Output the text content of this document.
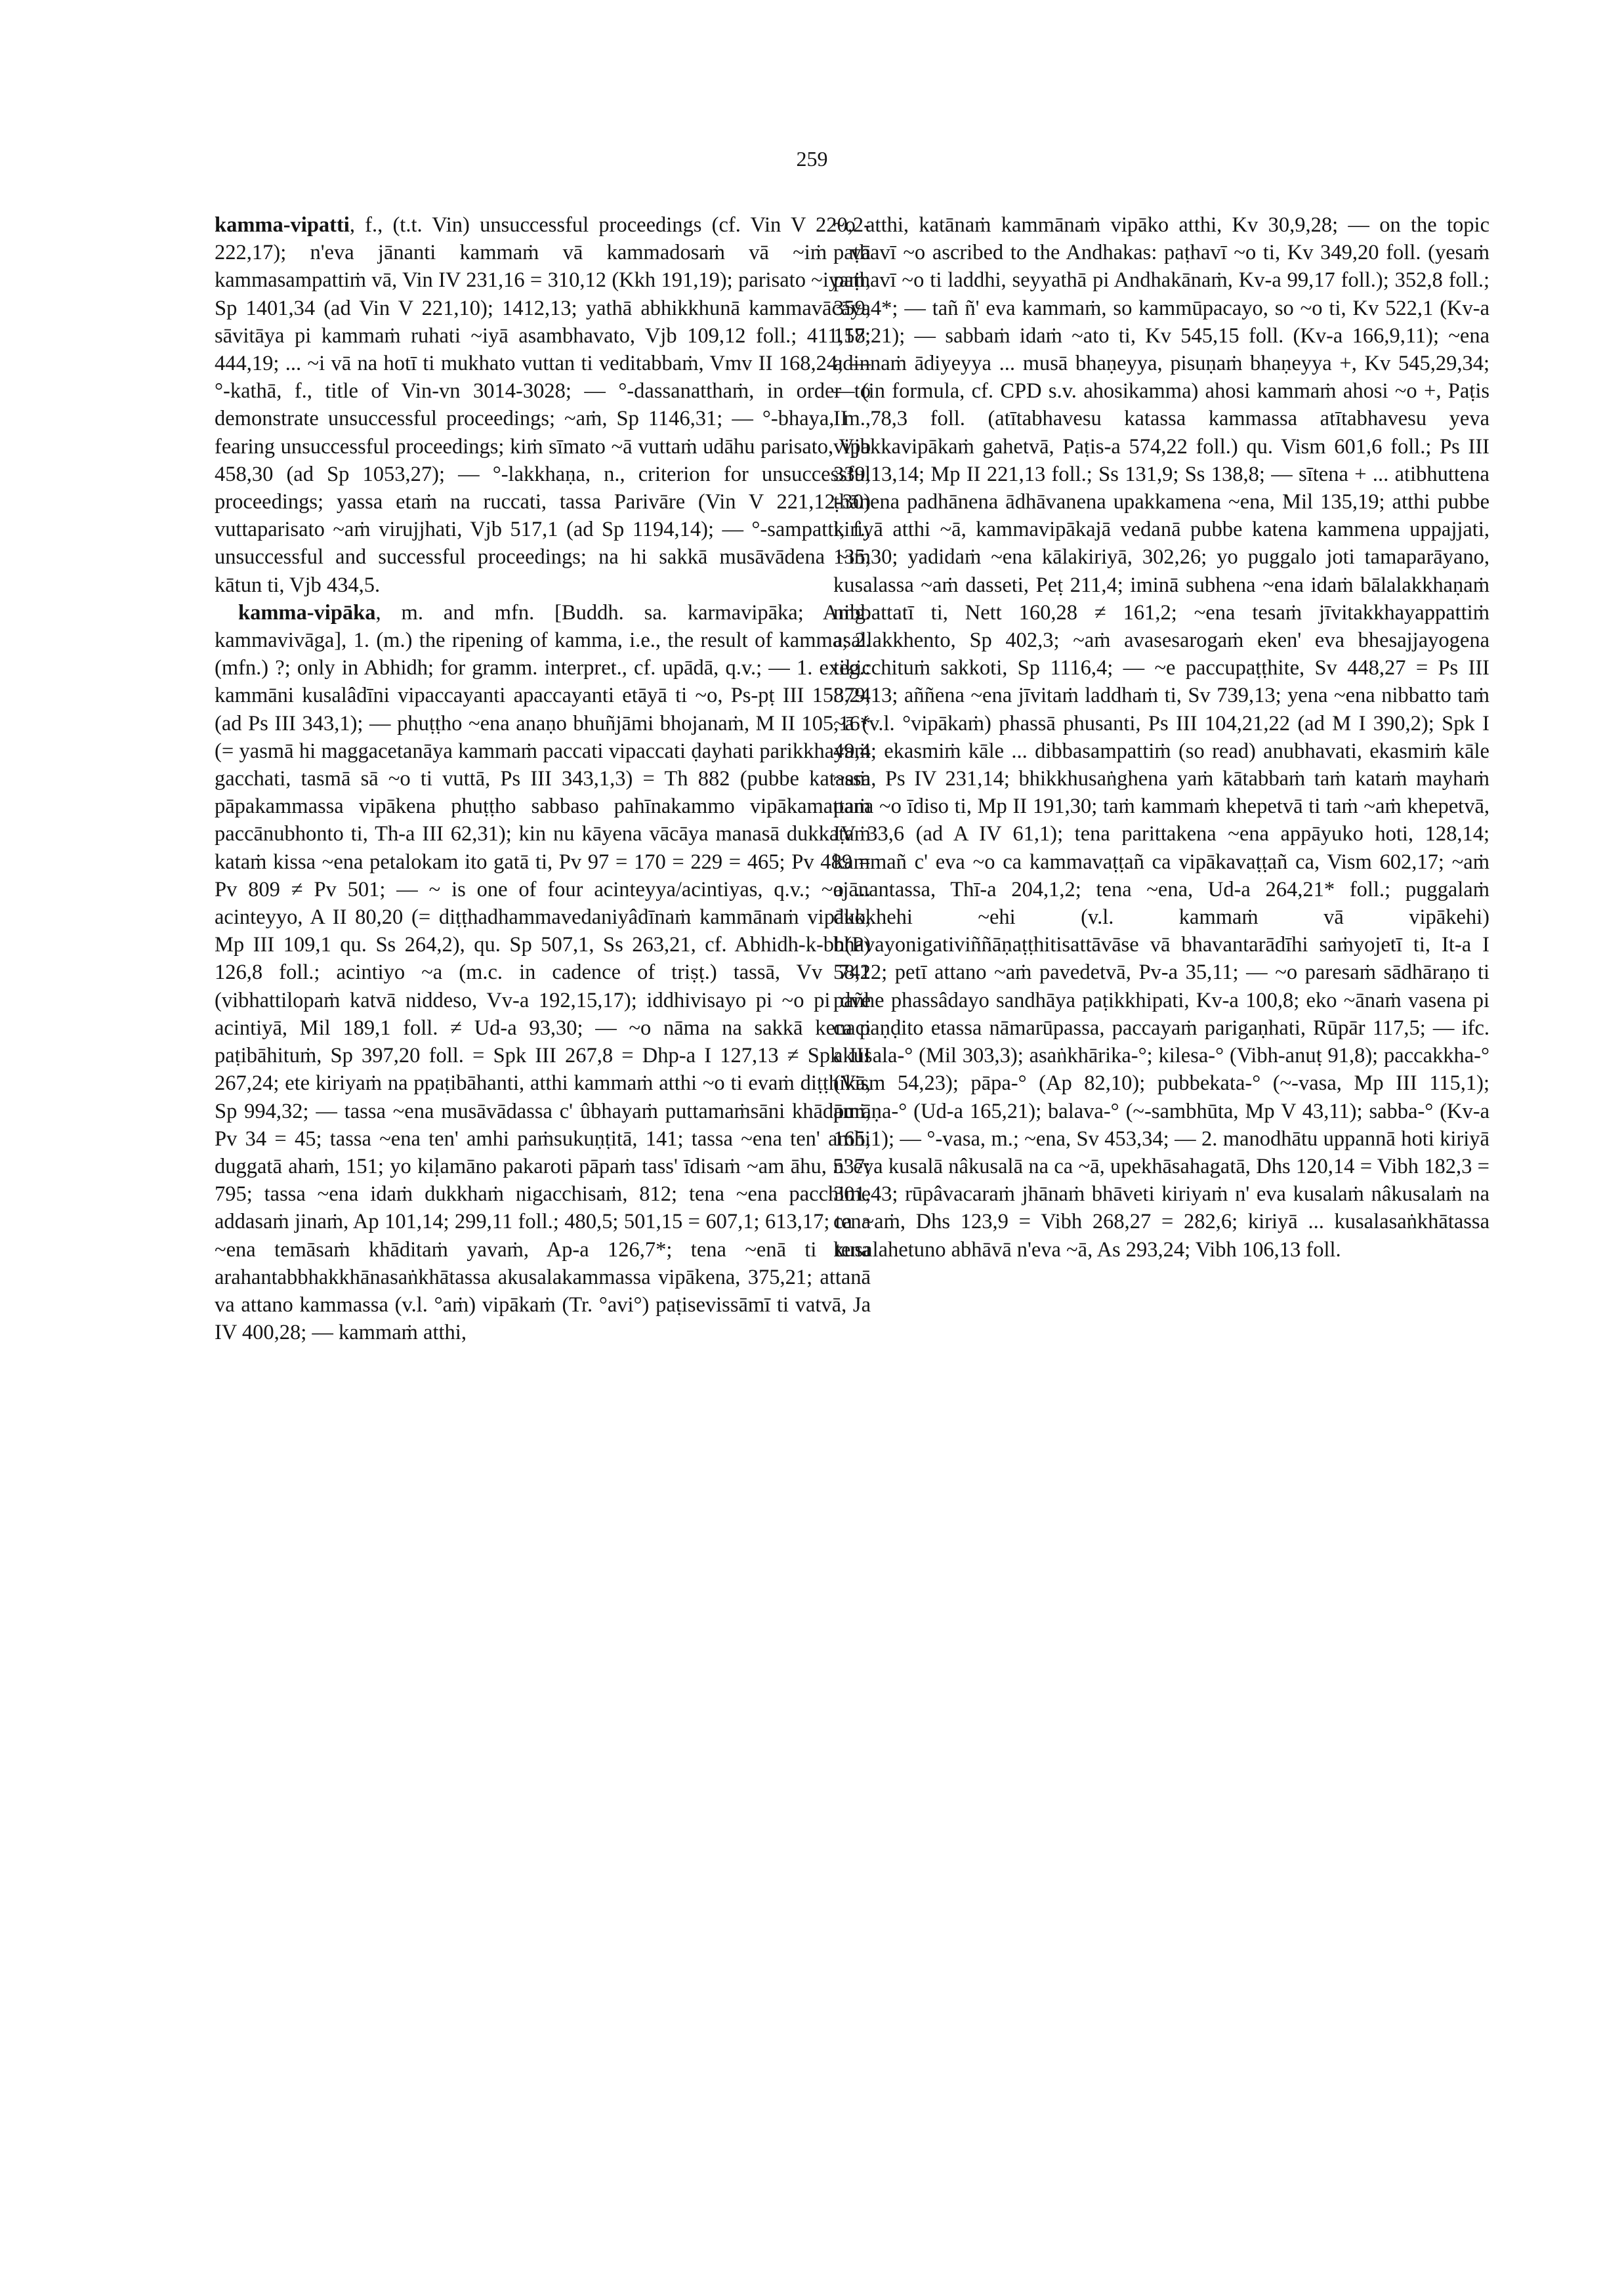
259

kamma-vipatti, f., (t.t. Vin) unsuccessful proceedings (cf. Vin V 220,2-222,17); n'eva jānanti kammaṁ vā kammadosaṁ vā ~iṁ vā kammasampattiṁ vā, Vin IV 231,16 = 310,12 (Kkh 191,19); parisato ~iyaṁ, Sp 1401,34 (ad Vin V 221,10); 1412,13; yathā abhikkhunā kammavācāya sāvitāya pi kammaṁ ruhati ~iyā asambhavato, Vjb 109,12 foll.; 411,17; 444,19; ... ~i vā na hotī ti mukhato vuttan ti veditabbaṁ, Vmv II 168,24; — °-kathā, f., title of Vin-vn 3014-3028; — °-dassanatthaṁ, in order to demonstrate unsuccessful proceedings; ~aṁ, Sp 1146,31; — °-bhaya, m., fearing unsuccessful proceedings; kiṁ sīmato ~ā vuttaṁ udāhu parisato, Vjb 458,30 (ad Sp 1053,27); — °-lakkhaṇa, n., criterion for unsuccessful proceedings; yassa etaṁ na ruccati, tassa Parivāre (Vin V 221,12-30) vuttaparisato ~aṁ virujjhati, Vjb 517,1 (ad Sp 1194,14); — °-sampatti, f., unsuccessful and successful proceedings; na hi sakkā musāvādena ~iṁ kātun ti, Vjb 434,5.

kamma-vipāka, m. and mfn. [Buddh. sa. karmavipāka; Amg. kammavivāga], 1. (m.) the ripening of kamma, i.e., the result of kamma; 2. (mfn.) ?; only in Abhidh; for gramm. interpret., cf. upādā, q.v.; — 1. exeg.: kammāni kusalâdīni vipaccayanti apaccayanti etāyā ti ~o, Ps-pṭ III 158,24 (ad Ps III 343,1); — phuṭṭho ~ena anaṇo bhuñjāmi bhojanaṁ, M II 105,16* (= yasmā hi maggacetanāya kammaṁ paccati vipaccati ḍayhati parikkhayaṁ gacchati, tasmā sā ~o ti vuttā, Ps III 343,1,3) = Th 882 (pubbe katassa pāpakammassa vipākena phuṭṭho sabbaso pahīnakammo vipākamattaṁ paccānubhonto ti, Th-a III 62,31); kin nu kāyena vācāya manasā dukkaṭaṁ kataṁ kissa ~ena petalokam ito gatā ti, Pv 97 = 170 = 229 = 465; Pv 489 = Pv 809 ≠ Pv 501; — ~ is one of four acinteyya/acintiyas, q.v.; ~o ... acinteyyo, A II 80,20 (= diṭṭhadhammavedaniyâdīnaṁ kammānaṁ vipāko, Mp III 109,1 qu. Ss 264,2), qu. Sp 507,1, Ss 263,21, cf. Abhidh-k-bh(P) 126,8 foll.; acintiyo ~a (m.c. in cadence of triṣṭ.) tassā, Vv 741 (vibhattilopaṁ katvā niddeso, Vv-a 192,15,17); iddhivisayo pi ~o pi dve acintiyā, Mil 189,1 foll. ≠ Ud-a 93,30; — ~o nāma na sakkā kenaci paṭibāhituṁ, Sp 397,20 foll. = Spk III 267,8 = Dhp-a I 127,13 ≠ Spk III 267,24; ete kiriyaṁ na ppaṭibāhanti, atthi kammaṁ atthi ~o ti evaṁ diṭṭhikā, Sp 994,32; — tassa ~ena musāvādassa c' ûbhayaṁ puttamaṁsāni khādāmi, Pv 34 = 45; tassa ~ena ten' amhi paṁsukuṇṭitā, 141; tassa ~ena ten' amhi duggatā ahaṁ, 151; yo kiḷamāno pakaroti pāpaṁ tass' īdisaṁ ~am āhu, 537; 795; tassa ~ena idaṁ dukkhaṁ nigacchisaṁ, 812; tena ~ena pacchime addasaṁ jinaṁ, Ap 101,14; 299,11 foll.; 480,5; 501,15 = 607,1; 613,17; tena ~ena temāsaṁ khāditaṁ yavaṁ, Ap-a 126,7*; tena ~enā ti tena arahantabbhakkhānasaṅkhātassa akusalakammassa vipākena, 375,21; attanā va attano kammassa (v.l. °aṁ) vipākaṁ (Tr. °avi°) paṭisevissāmī ti vatvā, Ja IV 400,28; — kammaṁ atthi,

~o atthi, katānaṁ kammānaṁ vipāko atthi, Kv 30,9,28; — on the topic paṭhavī ~o ascribed to the Andhakas: paṭhavī ~o ti, Kv 349,20 foll. (yesaṁ paṭhavī ~o ti laddhi, seyyathā pi Andhakānaṁ, Kv-a 99,17 foll.); 352,8 foll.; 359,4*; — tañ ñ' eva kammaṁ, so kammūpacayo, so ~o ti, Kv 522,1 (Kv-a 158,21); — sabbaṁ idaṁ ~ato ti, Kv 545,15 foll. (Kv-a 166,9,11); ~ena adinnaṁ ādiyeyya ... musā bhaṇeyya, pisuṇaṁ bhaṇeyya +, Kv 545,29,34; — (in formula, cf. CPD s.v. ahosikamma) ahosi kammaṁ ahosi ~o +, Paṭis II 78,3 foll. (atītabhavesu katassa kammassa atītabhavesu yeva vipakkavipākaṁ gahetvā, Paṭis-a 574,22 foll.) qu. Vism 601,6 foll.; Ps III 339,13,14; Mp II 221,13 foll.; Ss 131,9; Ss 138,8; — sītena + ... atibhuttena ṭhānena padhānena ādhāvanena upakkamena ~ena, Mil 135,19; atthi pubbe kiriyā atthi ~ā, kammavipākajā vedanā pubbe katena kammena uppajjati, 135,30; yadidaṁ ~ena kālakiriyā, 302,26; yo puggalo joti tamaparāyano, kusalassa ~aṁ dasseti, Peṭ 211,4; iminā subhena ~ena idaṁ bālalakkhaṇaṁ nibbattatī ti, Nett 160,28 ≠ 161,2; ~ena tesaṁ jīvitakkhayappattiṁ asallakkhento, Sp 402,3; ~aṁ avasesarogaṁ eken' eva bhesajjayogena tikicchituṁ sakkoti, Sp 1116,4; — ~e paccupaṭṭhite, Sv 448,27 = Ps III 379,13; aññena ~ena jīvitaṁ laddhaṁ ti, Sv 739,13; yena ~ena nibbatto taṁ ~ā (v.l. °vipākaṁ) phassā phusanti, Ps III 104,21,22 (ad M I 390,2); Spk I 49,4; ekasmiṁ kāle ... dibbasampattiṁ (so read) anubhavati, ekasmiṁ kāle ~aṁ, Ps IV 231,14; bhikkhusaṅghena yaṁ kātabbaṁ taṁ kataṁ mayhaṁ pana ~o īdiso ti, Mp II 191,30; taṁ kammaṁ khepetvā ti taṁ ~aṁ khepetvā, IV 33,6 (ad A IV 61,1); tena parittakena ~ena appāyuko hoti, 128,14; kammañ c' eva ~o ca kammavaṭṭañ ca vipākavaṭṭañ ca, Vism 602,17; ~aṁ ajānantassa, Thī-a 204,1,2; tena ~ena, Ud-a 264,21* foll.; puggalaṁ dukkhehi ~ehi (v.l. kammaṁ vā vipākehi) bhavayonigativiññāṇaṭṭhitisattāvāse vā bhavantarādīhi saṁyojetī ti, It-a I 58,22; petī attano ~aṁ pavedetvā, Pv-a 35,11; — ~o paresaṁ sādhāraṇo ti pañhe phassâdayo sandhāya paṭikkhipati, Kv-a 100,8; eko ~ānaṁ vasena pi ca paṇḍito etassa nāmarūpassa, paccayaṁ parigaṇhati, Rūpār 117,5; — ifc. akusala-° (Mil 303,3); asaṅkhārika-°; kilesa-° (Vibh-anuṭ 91,8); paccakkha-° (Vism 54,23); pāpa-° (Ap 82,10); pubbekata-° (~-vasa, Mp III 115,1); purāṇa-° (Ud-a 165,21); balava-° (~-sambhūta, Mp V 43,11); sabba-° (Kv-a 165,1); — °-vasa, m.; ~ena, Sv 453,34; — 2. manodhātu uppannā hoti kiriyā n' eva kusalā nâkusalā na ca ~ā, upekhāsahagatā, Dhs 120,14 = Vibh 182,3 = 301,43; rūpâvacaraṁ jhānaṁ bhāveti kiriyaṁ n' eva kusalaṁ nâkusalaṁ na ca ~aṁ, Dhs 123,9 = Vibh 268,27 = 282,6; kiriyā ... kusalasaṅkhātassa kusalahetuno abhāvā n'eva ~ā, As 293,24; Vibh 106,13 foll.
